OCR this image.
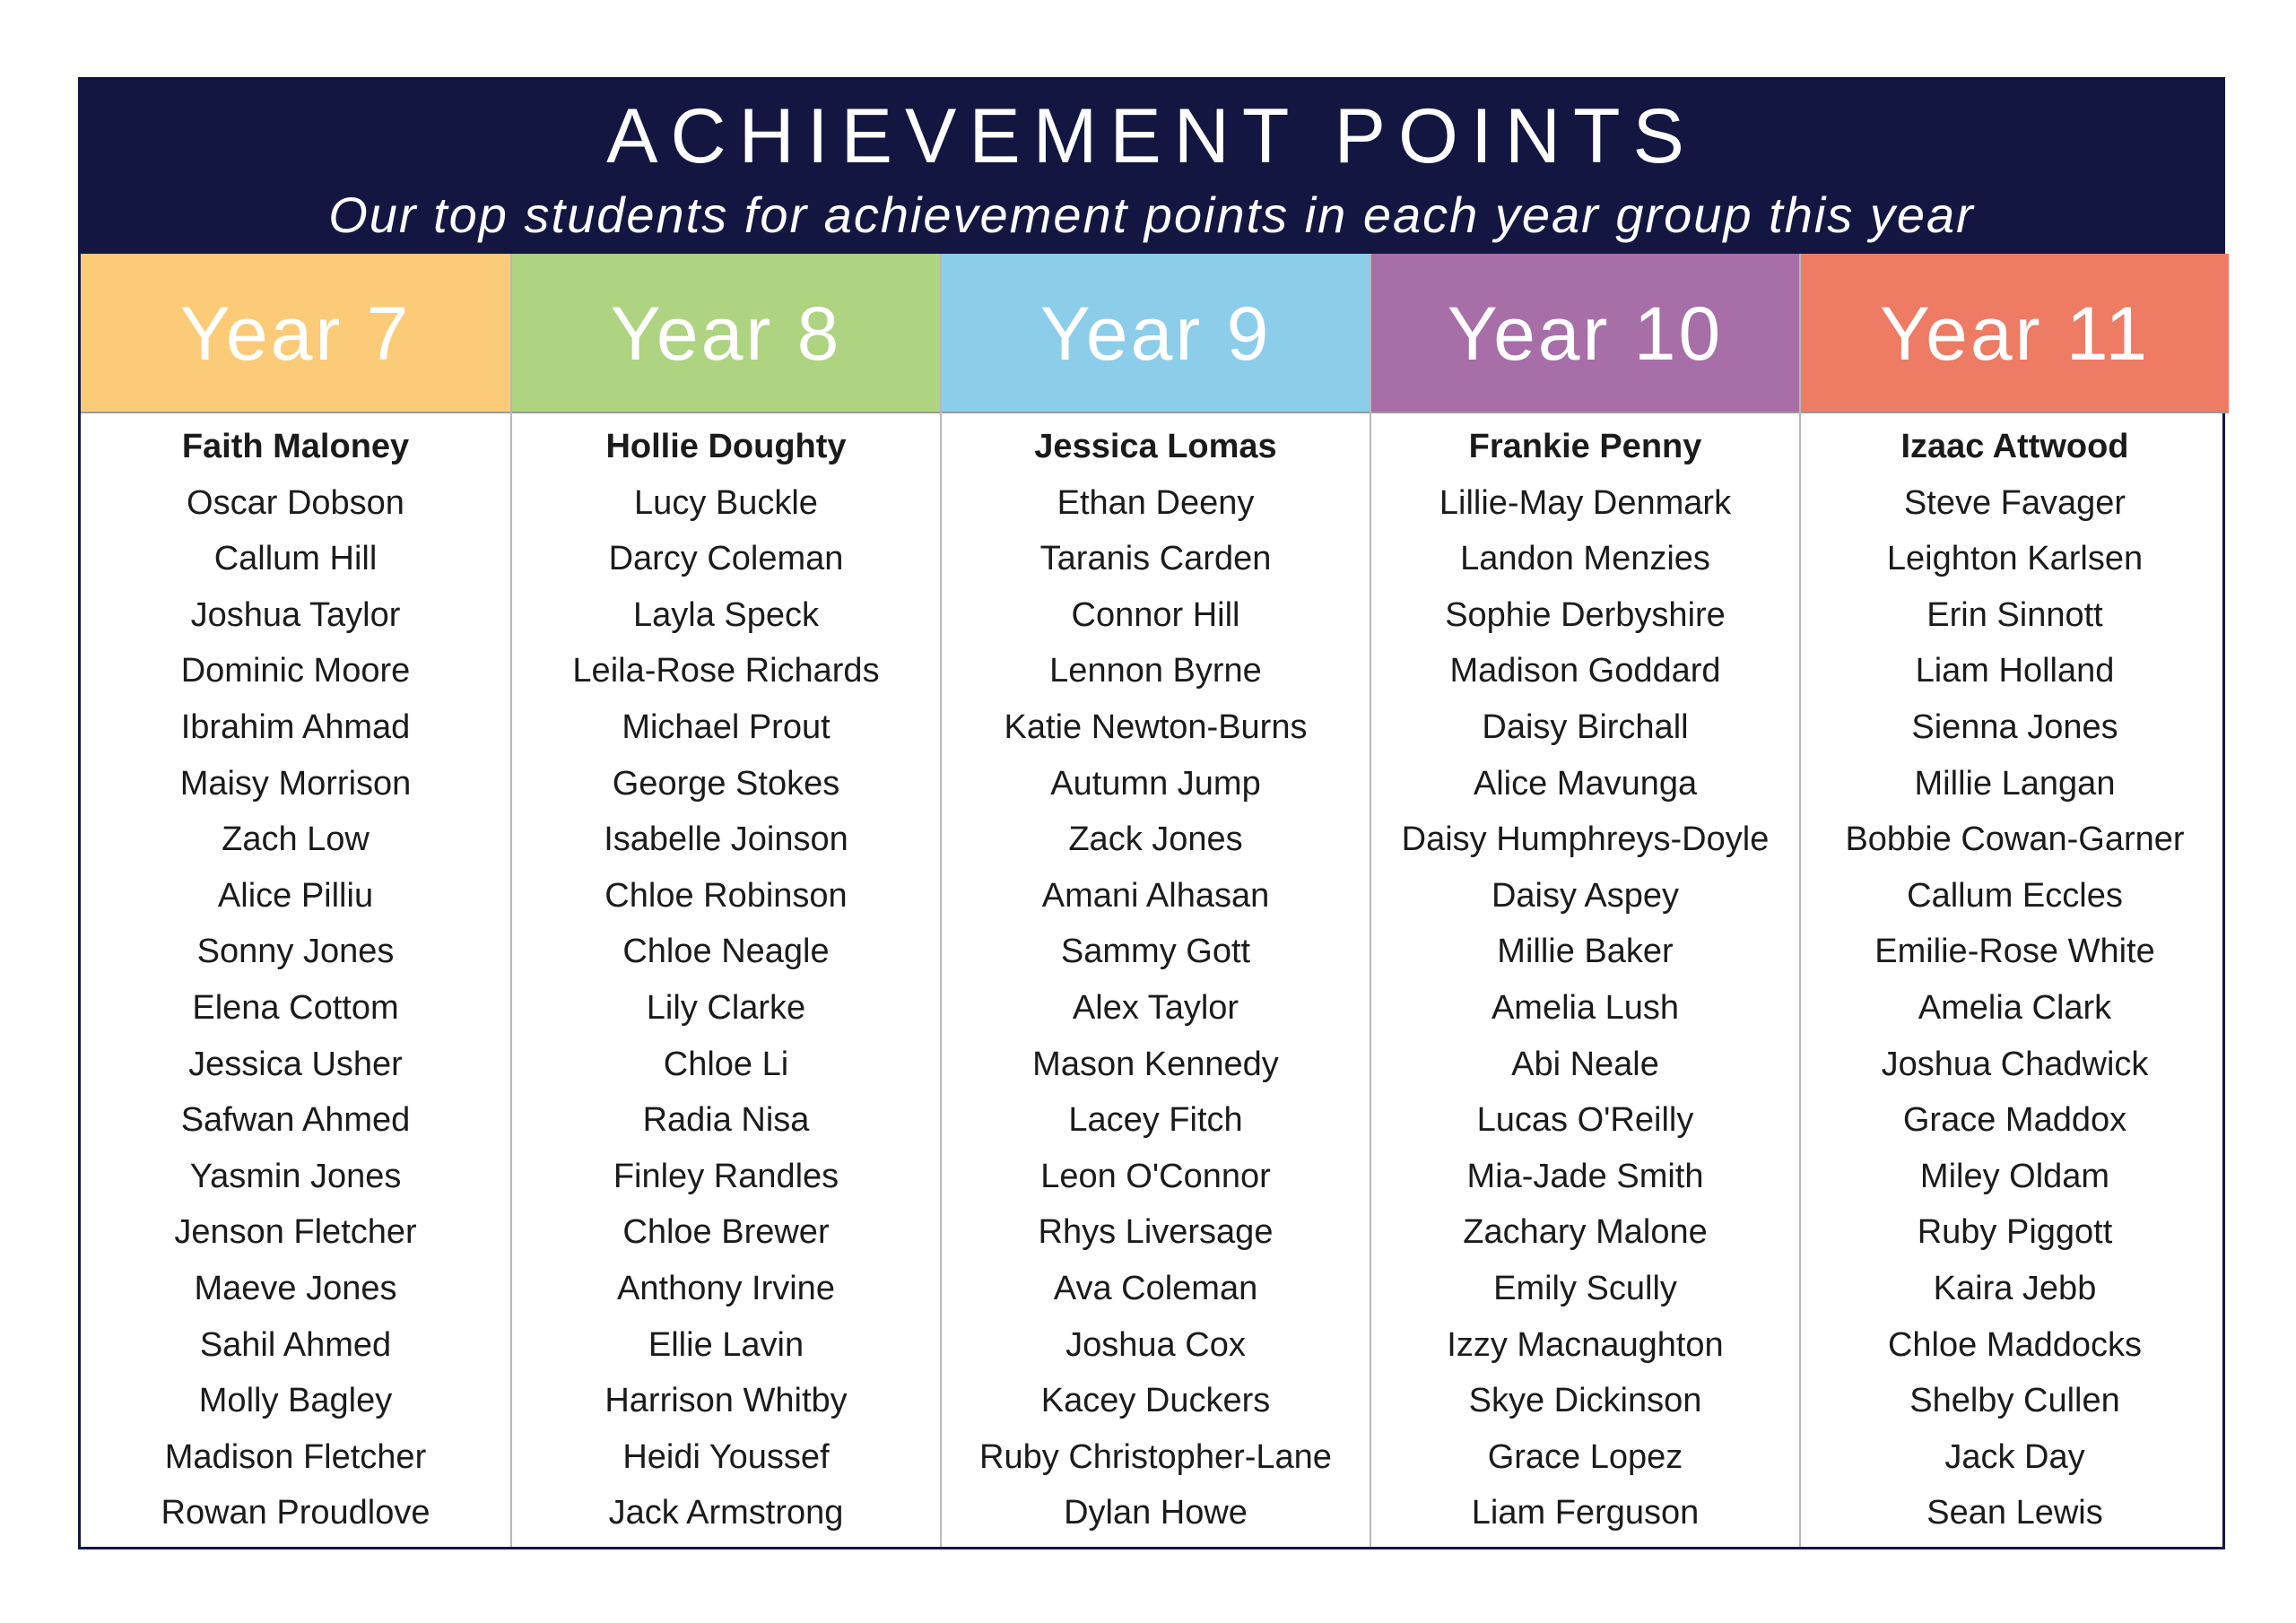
ACHIEVEMENT POINTS
Our top students for achievement points in each year group this year
Year 7
Faith Maloney
Oscar Dobson
Callum Hill
Joshua Taylor
Dominic Moore
Ibrahim Ahmad
Maisy Morrison
Zach Low
Alice Pilliu
Sonny Jones
Elena Cottom
Jessica Usher
Safwan Ahmed
Yasmin Jones
Jenson Fletcher
Maeve Jones
Sahil Ahmed
Molly Bagley
Madison Fletcher
Rowan Proudlove
Year 8
Hollie Doughty
Lucy Buckle
Darcy Coleman
Layla Speck
Leila-Rose Richards
Michael Prout
George Stokes
Isabelle Joinson
Chloe Robinson
Chloe Neagle
Lily Clarke
Chloe Li
Radia Nisa
Finley Randles
Chloe Brewer
Anthony Irvine
Ellie Lavin
Harrison Whitby
Heidi Youssef
Jack Armstrong
Year 9
Jessica Lomas
Ethan Deeny
Taranis Carden
Connor Hill
Lennon Byrne
Katie Newton-Burns
Autumn Jump
Zack Jones
Amani Alhasan
Sammy Gott
Alex Taylor
Mason Kennedy
Lacey Fitch
Leon O'Connor
Rhys Liversage
Ava Coleman
Joshua Cox
Kacey Duckers
Ruby Christopher-Lane
Dylan Howe
Year 10
Frankie Penny
Lillie-May Denmark
Landon Menzies
Sophie Derbyshire
Madison Goddard
Daisy Birchall
Alice Mavunga
Daisy Humphreys-Doyle
Daisy Aspey
Millie Baker
Amelia Lush
Abi Neale
Lucas O'Reilly
Mia-Jade Smith
Zachary Malone
Emily Scully
Izzy Macnaughton
Skye Dickinson
Grace Lopez
Liam Ferguson
Year 11
Izaac Attwood
Steve Favager
Leighton Karlsen
Erin Sinnott
Liam Holland
Sienna Jones
Millie Langan
Bobbie Cowan-Garner
Callum Eccles
Emilie-Rose White
Amelia Clark
Joshua Chadwick
Grace Maddox
Miley Oldam
Ruby Piggott
Kaira Jebb
Chloe Maddocks
Shelby Cullen
Jack Day
Sean Lewis
